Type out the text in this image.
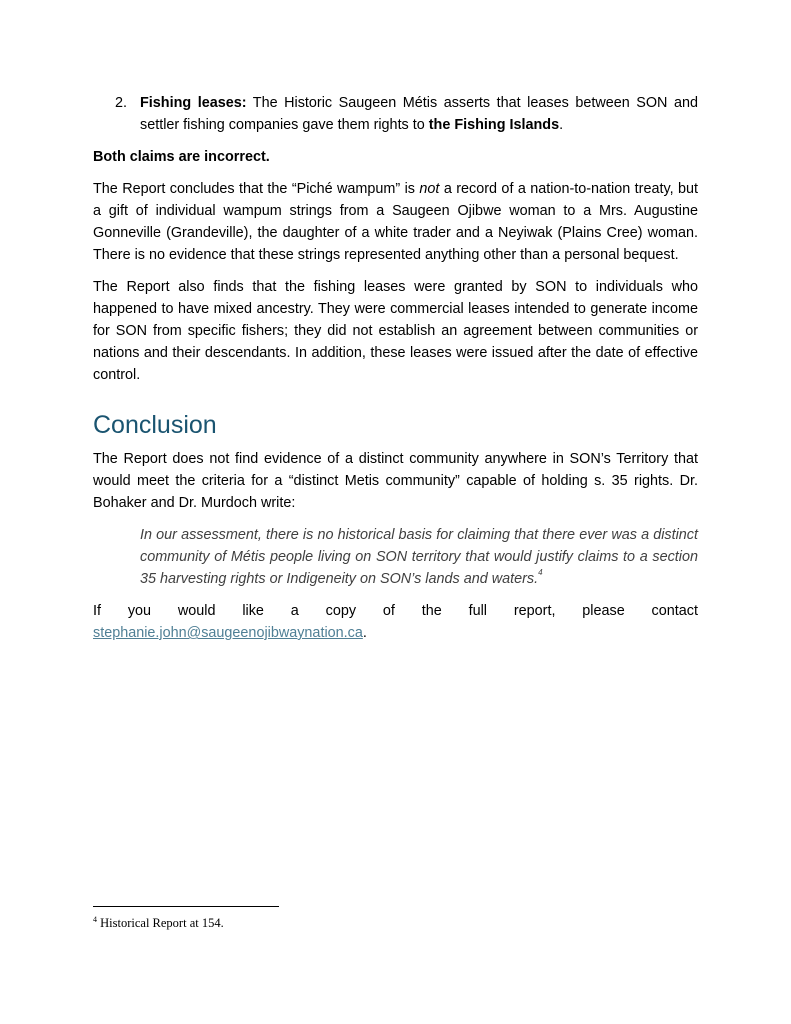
2. Fishing leases: The Historic Saugeen Métis asserts that leases between SON and settler fishing companies gave them rights to the Fishing Islands.

Both claims are incorrect.

The Report concludes that the “Piché wampum” is not a record of a nation-to-nation treaty, but a gift of individual wampum strings from a Saugeen Ojibwe woman to a Mrs. Augustine Gonneville (Grandeville), the daughter of a white trader and a Neyiwak (Plains Cree) woman. There is no evidence that these strings represented anything other than a personal bequest.

The Report also finds that the fishing leases were granted by SON to individuals who happened to have mixed ancestry. They were commercial leases intended to generate income for SON from specific fishers; they did not establish an agreement between communities or nations and their descendants. In addition, these leases were issued after the date of effective control.

Conclusion

The Report does not find evidence of a distinct community anywhere in SON’s Territory that would meet the criteria for a “distinct Metis community” capable of holding s. 35 rights. Dr. Bohaker and Dr. Murdoch write:

In our assessment, there is no historical basis for claiming that there ever was a distinct community of Métis people living on SON territory that would justify claims to a section 35 harvesting rights or Indigeneity on SON’s lands and waters.$^4$

If you would like a copy of the full report, please contact
stephanie.john@saugeenojibwaynation.ca.
$^4$ Historical Report at 154.
